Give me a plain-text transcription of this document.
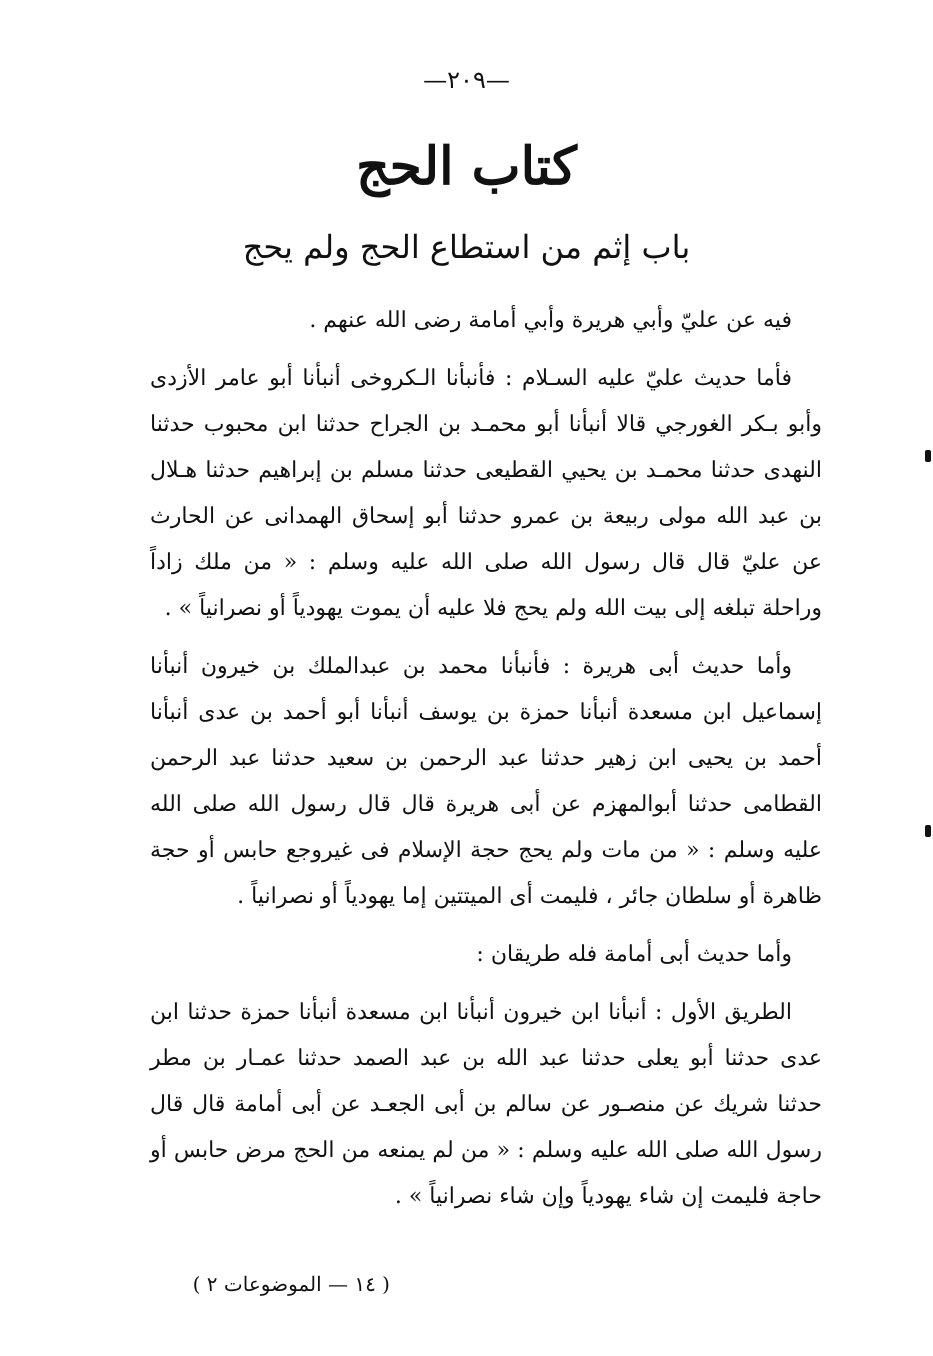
—٢٠٩—
كتاب الحج
باب إثم من استطاع الحج ولم يحج

فيه عن عليّ وأبي هريرة وأبي أمامة رضى الله عنهم .

فأما حديث عليّ عليه السـلام : فأنبأنا الـكروخى أنبأنا أبو عامر الأزدى وأبو بـكر الغورجي قالا أنبأنا أبو محمـد بن الجراح حدثنا ابن محبوب حدثنا النهدى حدثنا محمـد بن يحيي القطيعى حدثنا مسلم بن إبراهيم حدثنا هـلال بن عبد الله مولى ربيعة بن عمرو حدثنا أبو إسحاق الهمدانى عن الحارث عن عليّ قال قال رسول الله صلى الله عليه وسلم : « من ملك زاداً وراحلة تبلغه إلى بيت الله ولم يحج فلا عليه أن يموت يهودياً أو نصرانياً » .

وأما حديث أبى هريرة : فأنبأنا محمد بن عبدالملك بن خيرون أنبأنا إسماعيل ابن مسعدة أنبأنا حمزة بن يوسف أنبأنا أبو أحمد بن عدى أنبأنا أحمد بن يحيى ابن زهير حدثنا عبد الرحمن بن سعيد حدثنا عبد الرحمن القطامى حدثنا أبوالمهزم عن أبى هريرة قال قال رسول الله صلى الله عليه وسلم : « من مات ولم يحج حجة الإسلام فى غيروجع حابس أو حجة ظاهرة أو سلطان جائر ، فليمت أى الميتتين إما يهودياً أو نصرانياً .

وأما حديث أبى أمامة فله طريقان :

الطريق الأول : أنبأنا ابن خيرون أنبأنا ابن مسعدة أنبأنا حمزة حدثنا ابن عدى حدثنا أبو يعلى حدثنا عبد الله بن عبد الصمد حدثنا عمـار بن مطر حدثنا شريك عن منصـور عن سالم بن أبى الجعـد عن أبى أمامة قال قال رسول الله صلى الله عليه وسلم : « من لم يمنعه من الحج مرض حابس أو حاجة فليمت إن شاء يهودياً وإن شاء نصرانياً » .

( ١٤ — الموضوعات ٢ )
